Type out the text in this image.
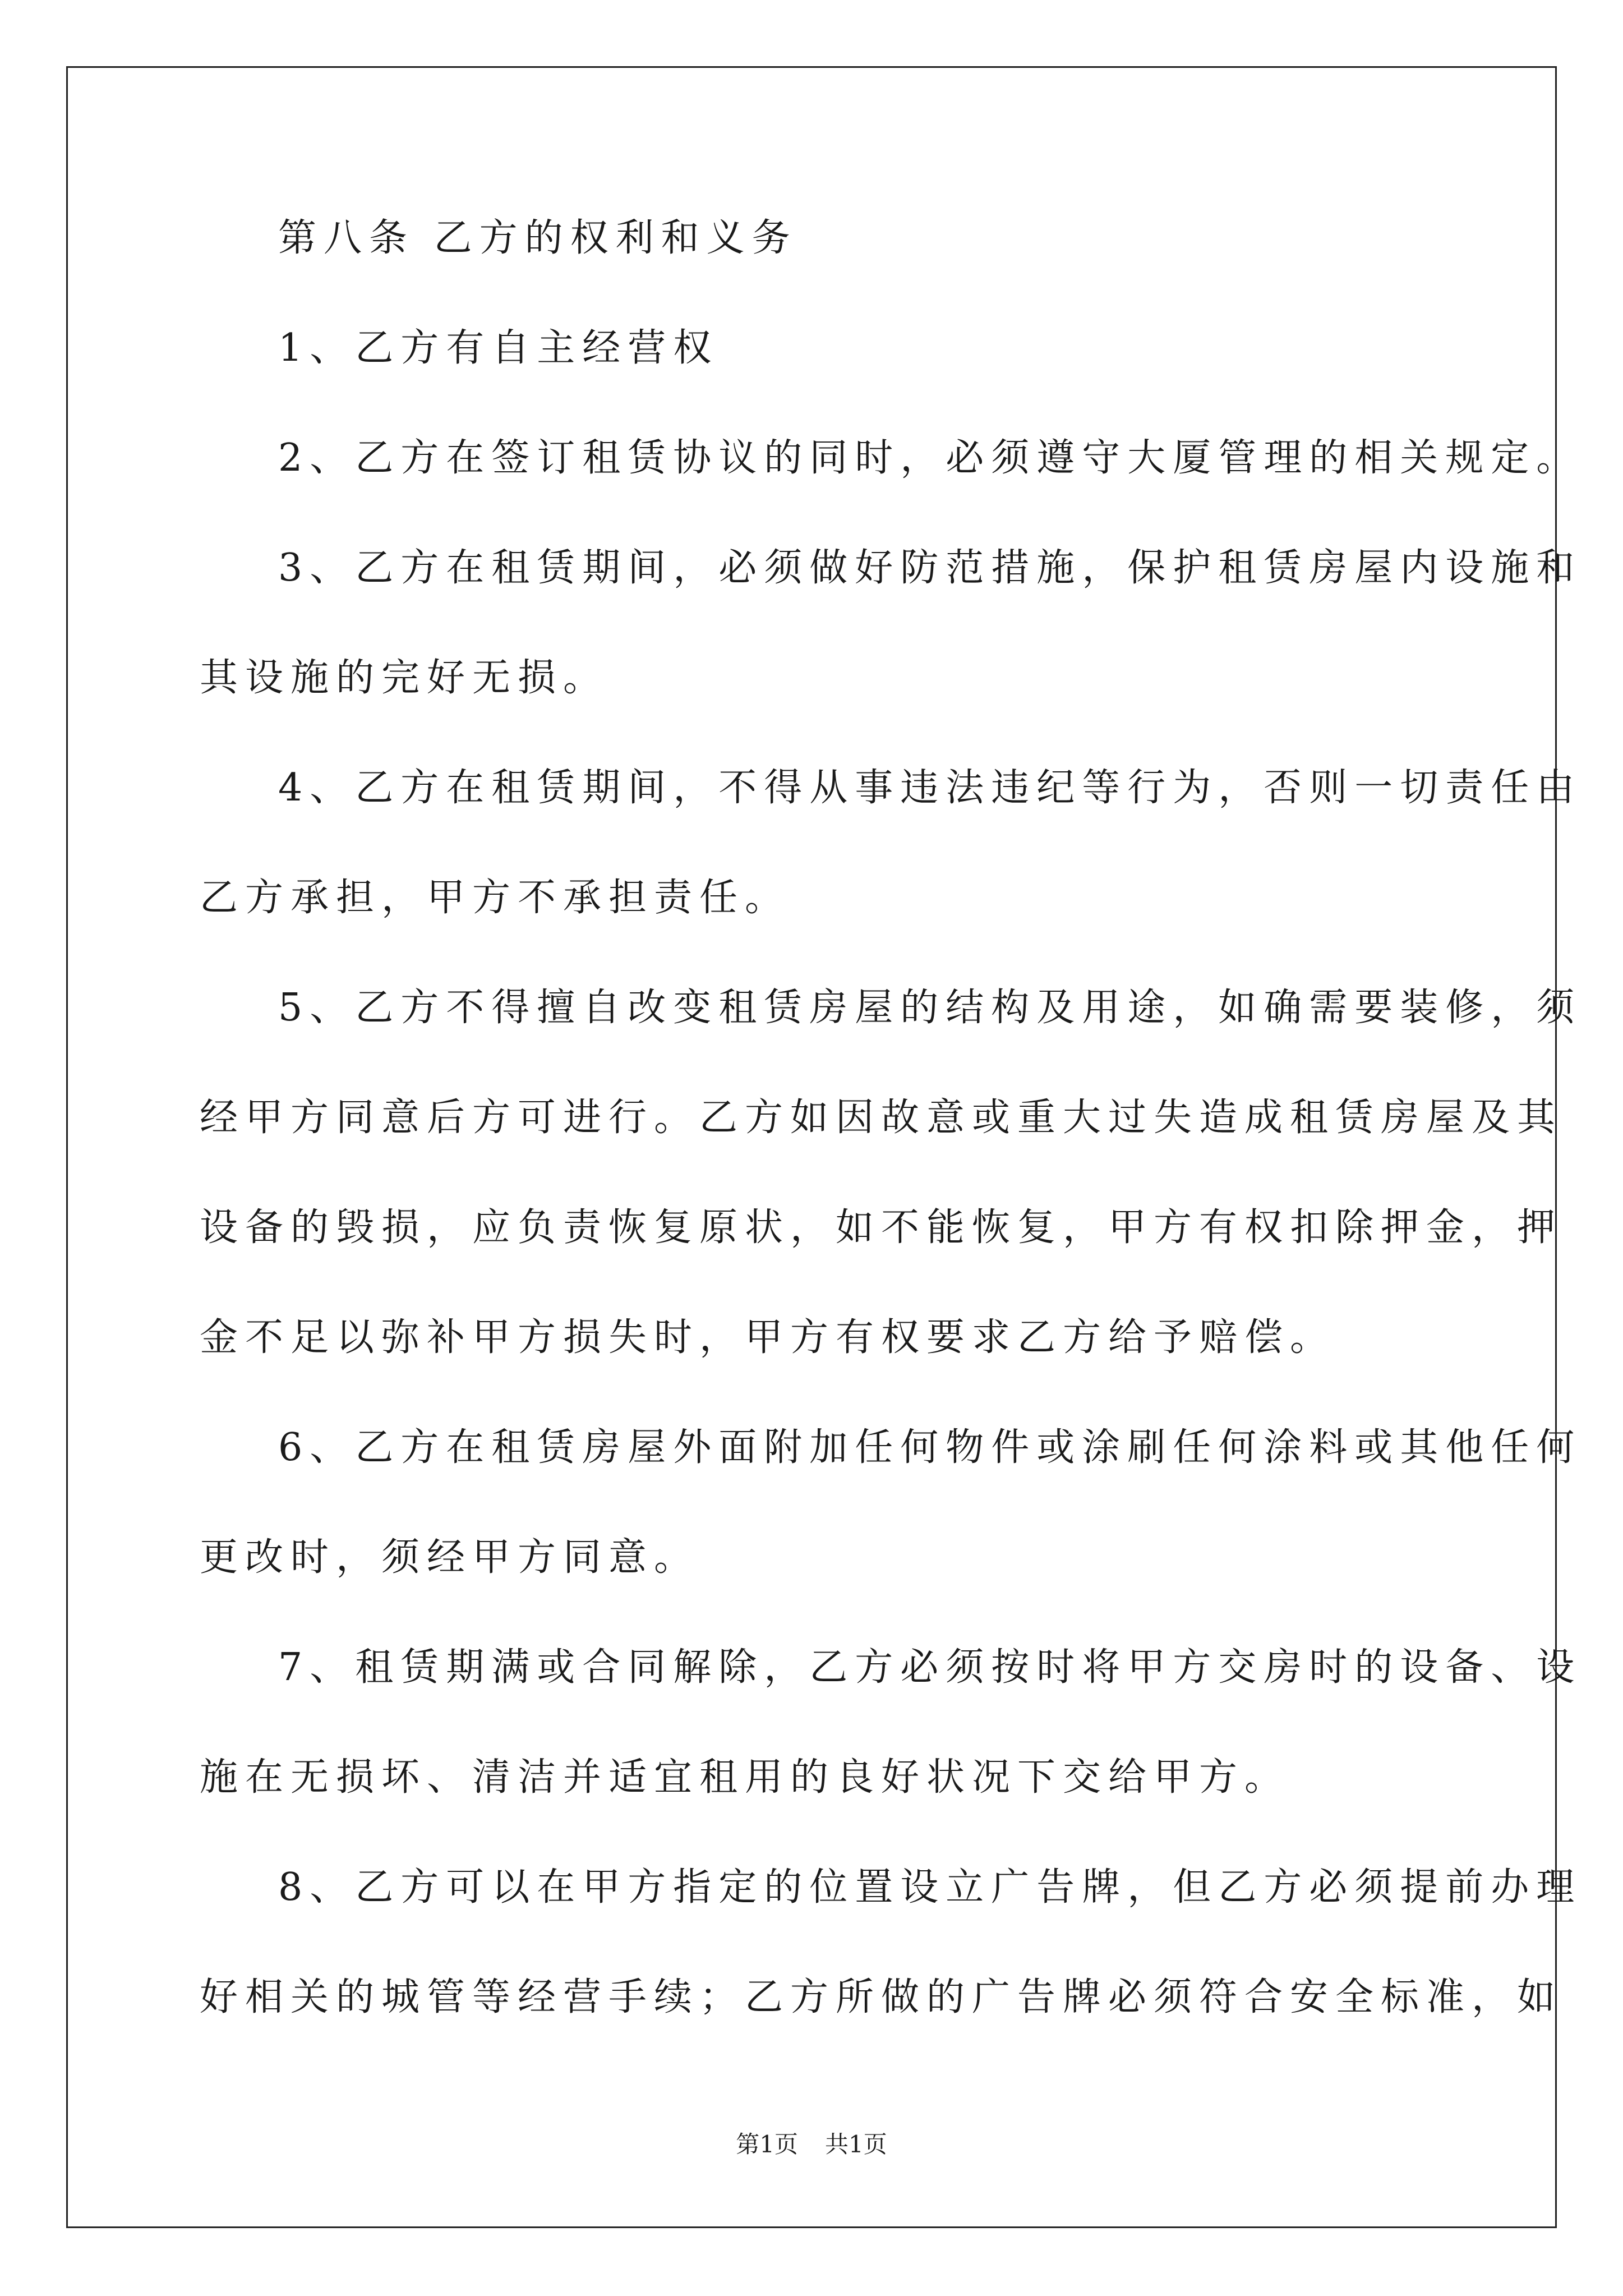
第八条 乙方的权利和义务
1、乙方有自主经营权
2、乙方在签订租赁协议的同时，必须遵守大厦管理的相关规定。
3、乙方在租赁期间，必须做好防范措施，保护租赁房屋内设施和
其设施的完好无损。
4、乙方在租赁期间，不得从事违法违纪等行为，否则一切责任由
乙方承担，甲方不承担责任。
5、乙方不得擅自改变租赁房屋的结构及用途，如确需要装修，须
经甲方同意后方可进行。乙方如因故意或重大过失造成租赁房屋及其
设备的毁损，应负责恢复原状，如不能恢复，甲方有权扣除押金，押
金不足以弥补甲方损失时，甲方有权要求乙方给予赔偿。
6、乙方在租赁房屋外面附加任何物件或涂刷任何涂料或其他任何
更改时，须经甲方同意。
7、租赁期满或合同解除，乙方必须按时将甲方交房时的设备、设
施在无损坏、清洁并适宜租用的良好状况下交给甲方。
8、乙方可以在甲方指定的位置设立广告牌，但乙方必须提前办理
好相关的城管等经营手续；乙方所做的广告牌必须符合安全标准，如
第1页 共1页
